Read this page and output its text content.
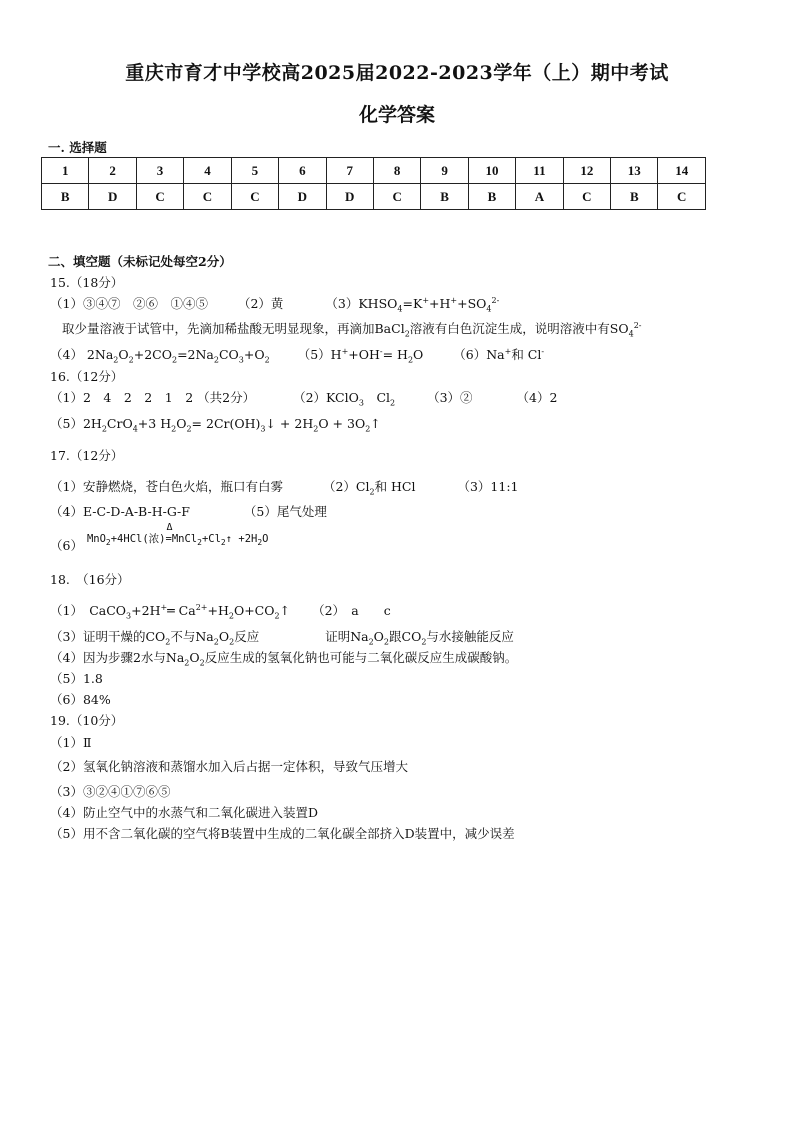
重庆市育才中学校高2025届2022-2023学年（上）期中考试
化学答案
一. 选择题
1	2	3	4	5	6	7	8	9	10	11	12	13	14
B	D	C	C	C	D	D	C	B	B	A	C	B	C
二、填空题（未标记处每空2分）
15.（18分）
（1）③④⑦　②⑥　①④⑤ （2）黄	$(3)KHSO_4=K^++H^++SO_4^{2-}$
取少量溶液于试管中，先滴加稀盐酸无明显现象，再滴加BaCl$_2$溶液有白色沉淀生成，说明溶液中有$SO_4^{2-}$
（4） $2Na_2O_2+2CO_2=2Na_2CO_3+O_2$ $(5)H^++OH^-= H_2O$ （6）Na+和 Cl-
16.（12分）
（1）2　4　2　2　1　2 （共2分）	（2）KClO$_3$　$Cl_2$	（3）②	（4）2
$(5)2H_2CrO_4+3$ $H_2O_2=$ $2Cr(OH)_3↓ + 2H_2O$ + $3O_2↑$
17.（12分）
（1）安静燃烧，苍白色火焰，瓶口有白雾	$(2)Cl_2$和 HCl	（3）11:1
（4）E-C-D-A-B-H-G-F	（5）尾气处理
（6） MnO$_2$+4HCl(浓)
Δ
$=MnCl_2+Cl_2↑ +2H_2O$
18.　（16分）
（1）　CaCO$_3$+2H+═ $Ca^{2+}+H_2O+CO_2↑$ （2）　a　　c
（3）证明干燥的$CO_2$不与$Na_2O_2$反应	证明$Na_2O_2$跟$CO_2$与水接触能反应
（4）因为步骤2水与$Na_2O_2$反应生成的氢氧化钠也可能与二氧化碳反应生成碳酸钠。
（5）1.8
（6）84%
19.（10分）
（1）Ⅱ
（2）氢氧化钠溶液和蒸馏水加入后占据一定体积，导致气压增大
（3）③②④①⑦⑥⑤
（4）防止空气中的水蒸气和二氧化碳进入装置D
（5）用不含二氧化碳的空气将B装置中生成的二氧化碳全部挤入D装置中，减少误差
